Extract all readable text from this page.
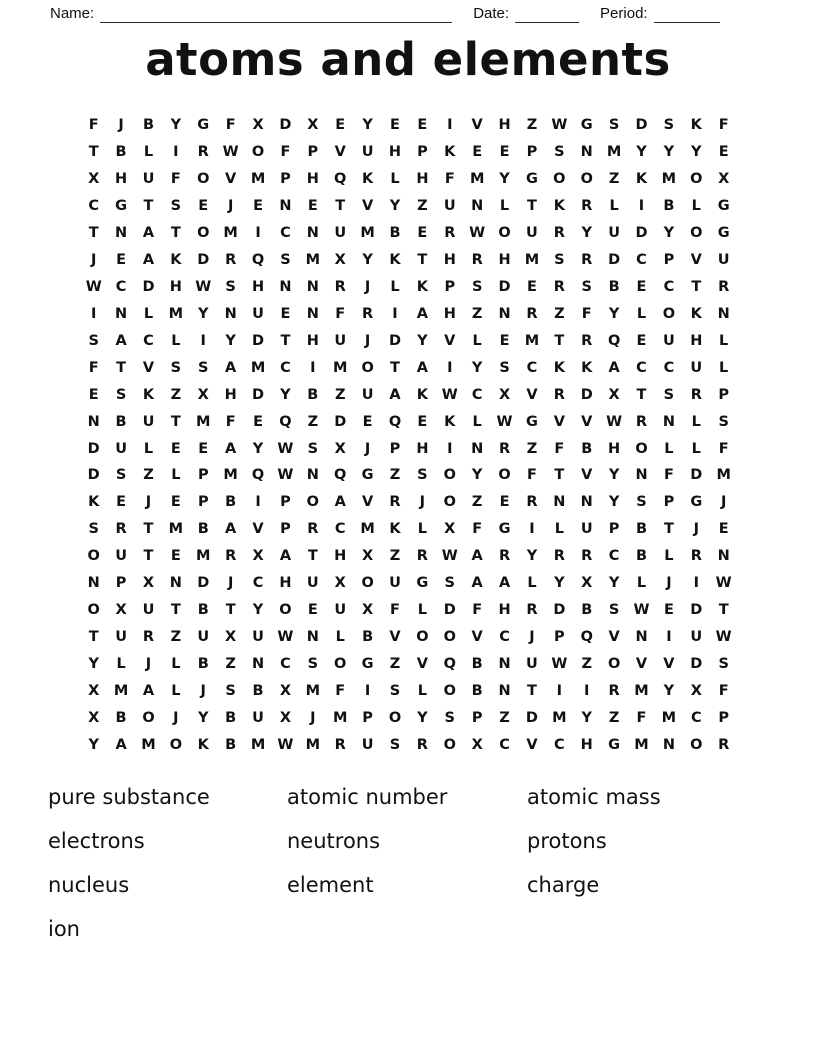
Name:	Date:	Period:
atoms and elements
F	J	B	Y	G	F	X	D	X	E	Y	E	E	I	V	H	Z W G	S	D	S	K	F
T	B	L	I	R W O	F	P	V	U	H	P	K	E	E	P	S	N M	Y	Y	Y	E
X	H	U	F	O	V	M	P	H	Q	K	L	H	F	M	Y	G	O	O	Z	K	M O	X
C	G	T	S	E	J	E	N	E	T	V	Y	Z	U	N	L	T	K	R	L	I	B	L	G
T	N	A	T	O M	I	C	N	U M	B	E	R W O	U	R	Y	U	D	Y	O	G
J	E	A	K	D	R	Q	S	M	X	Y	K	T	H	R	H M	S	R	D	C	P	V	U
W C	D	H W S	H	N	N	R	J	L	K	P	S	D	E	R	S	B	E	C	T	R
I	N	L	M	Y	N	U	E	N	F	R	I	A	H	Z	N	R	Z	F	Y	L	O	K	N
S	A	C	L	I	Y	D	T	H	U	J	D	Y	V	L	E	M	T	R	Q	E	U	H	L
F	T	V	S	S	A	M	C	I	M O	T	A	I	Y	S	C	K	K	A	C	C	U	L
E	S	K	Z	X	H	D	Y	B	Z	U	A	K W C	X	V	R	D	X	T	S	R	P
N	B	U	T	M	F	E	Q	Z	D	E	Q	E	K	L	W G	V	V W R	N	L	S
D	U	L	E	E	A	Y W S	X	J	P	H	I	N	R	Z	F	B	H	O	L	L	F
D	S	Z	L	P	M Q W N	Q	G	Z	S	O	Y	O	F	T	V	Y	N	F	D M
K	E	J	E	P	B	I	P	O	A	V	R	J	O	Z	E	R	N	N	Y	S	P	G	J
S	R	T	M	B	A	V	P	R	C	M	K	L	X	F	G	I	L	U	P	B	T	J	E
O	U	T	E	M	R	X	A	T	H	X	Z	R W A	R	Y	R	R	C	B	L	R	N
N	P	X	N	D	J	C	H	U	X	O	U	G	S	A	A	L	Y	X	Y	L	J	I	W
O	X	U	T	B	T	Y	O	E	U	X	F	L	D	F	H	R	D	B	S W E	D	T
T	U	R	Z	U	X	U W N	L	B	V	O	O	V	C	J	P	Q	V	N	I	U W
Y	L	J	L	B	Z	N	C	S	O	G	Z	V	Q	B	N	U W Z	O	V	V	D	S
X	M	A	L	J	S	B	X	M	F	I	S	L	O	B	N	T	I	I	R	M	Y	X	F
X	B	O	J	Y	B	U	X	J	M	P	O	Y	S	P	Z	D M	Y	Z	F	M	C	P
Y	A	M O	K	B	M W M	R	U	S	R	O	X	C	V	C	H	G M N	O	R
pure substance
electrons
nucleus
ion
atomic number
neutrons
element
atomic mass
protons
charge
